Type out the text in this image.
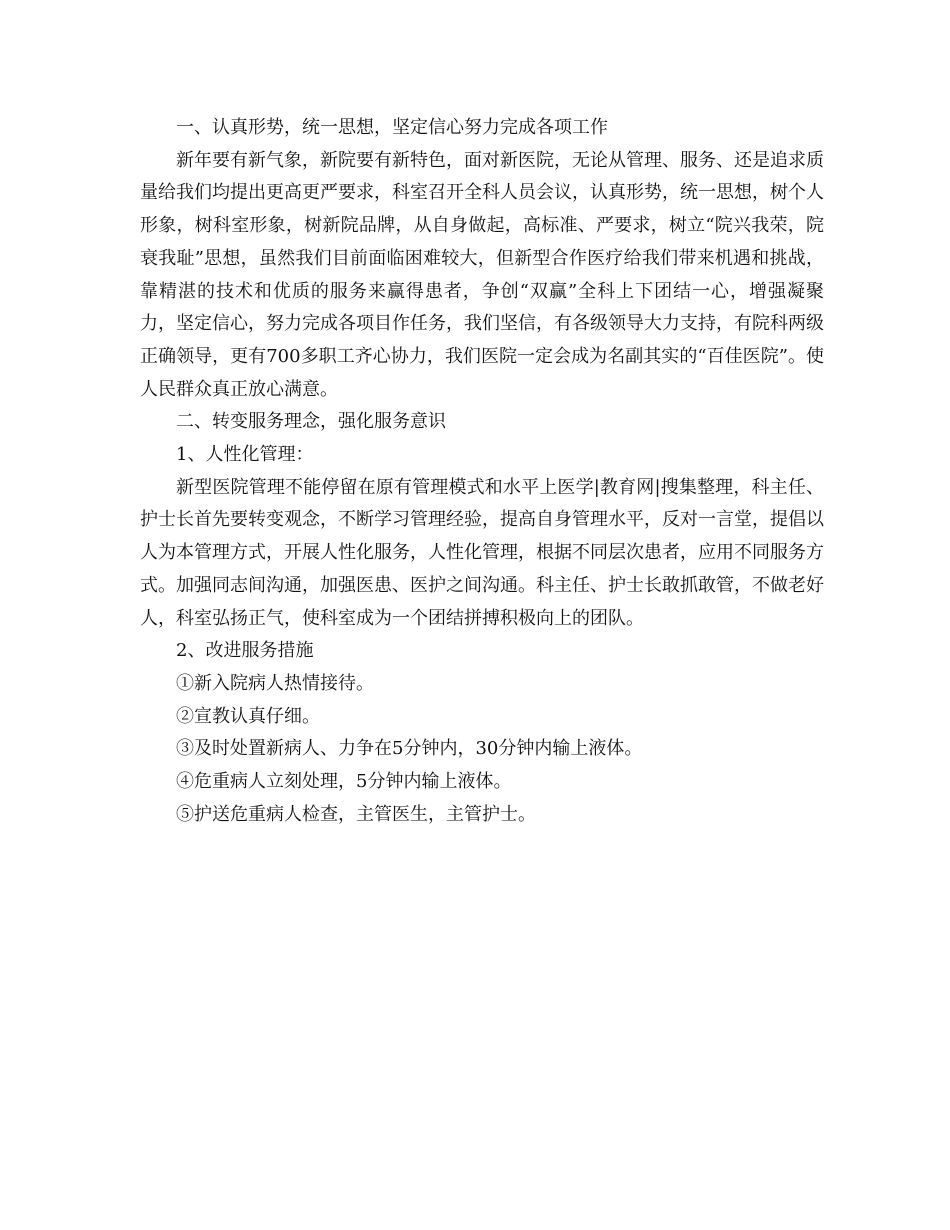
一、认真形势，统一思想，坚定信心努力完成各项工作

新年要有新气象，新院要有新特色，面对新医院，无论从管理、服务、还是追求质量给我们均提出更高更严要求，科室召开全科人员会议，认真形势，统一思想，树个人形象，树科室形象，树新院品牌，从自身做起，高标准、严要求，树立“院兴我荣，院衰我耻”思想，虽然我们目前面临困难较大，但新型合作医疗给我们带来机遇和挑战，靠精湛的技术和优质的服务来赢得患者，争创“双赢”全科上下团结一心，增强凝聚力，坚定信心，努力完成各项目作任务，我们坚信，有各级领导大力支持，有院科两级正确领导，更有700多职工齐心协力，我们医院一定会成为名副其实的“百佳医院”。使人民群众真正放心满意。

二、转变服务理念，强化服务意识

1、人性化管理：

新型医院管理不能停留在原有管理模式和水平上医学|教育网|搜集整理，科主任、护士长首先要转变观念，不断学习管理经验，提高自身管理水平，反对一言堂，提倡以人为本管理方式，开展人性化服务，人性化管理，根据不同层次患者，应用不同服务方式。加强同志间沟通，加强医患、医护之间沟通。科主任、护士长敢抓敢管，不做老好人，科室弘扬正气，使科室成为一个团结拼搏积极向上的团队。

2、改进服务措施

①新入院病人热情接待。

②宣教认真仔细。

③及时处置新病人、力争在5分钟内，30分钟内输上液体。

④危重病人立刻处理，5分钟内输上液体。

⑤护送危重病人检查，主管医生，主管护士。
